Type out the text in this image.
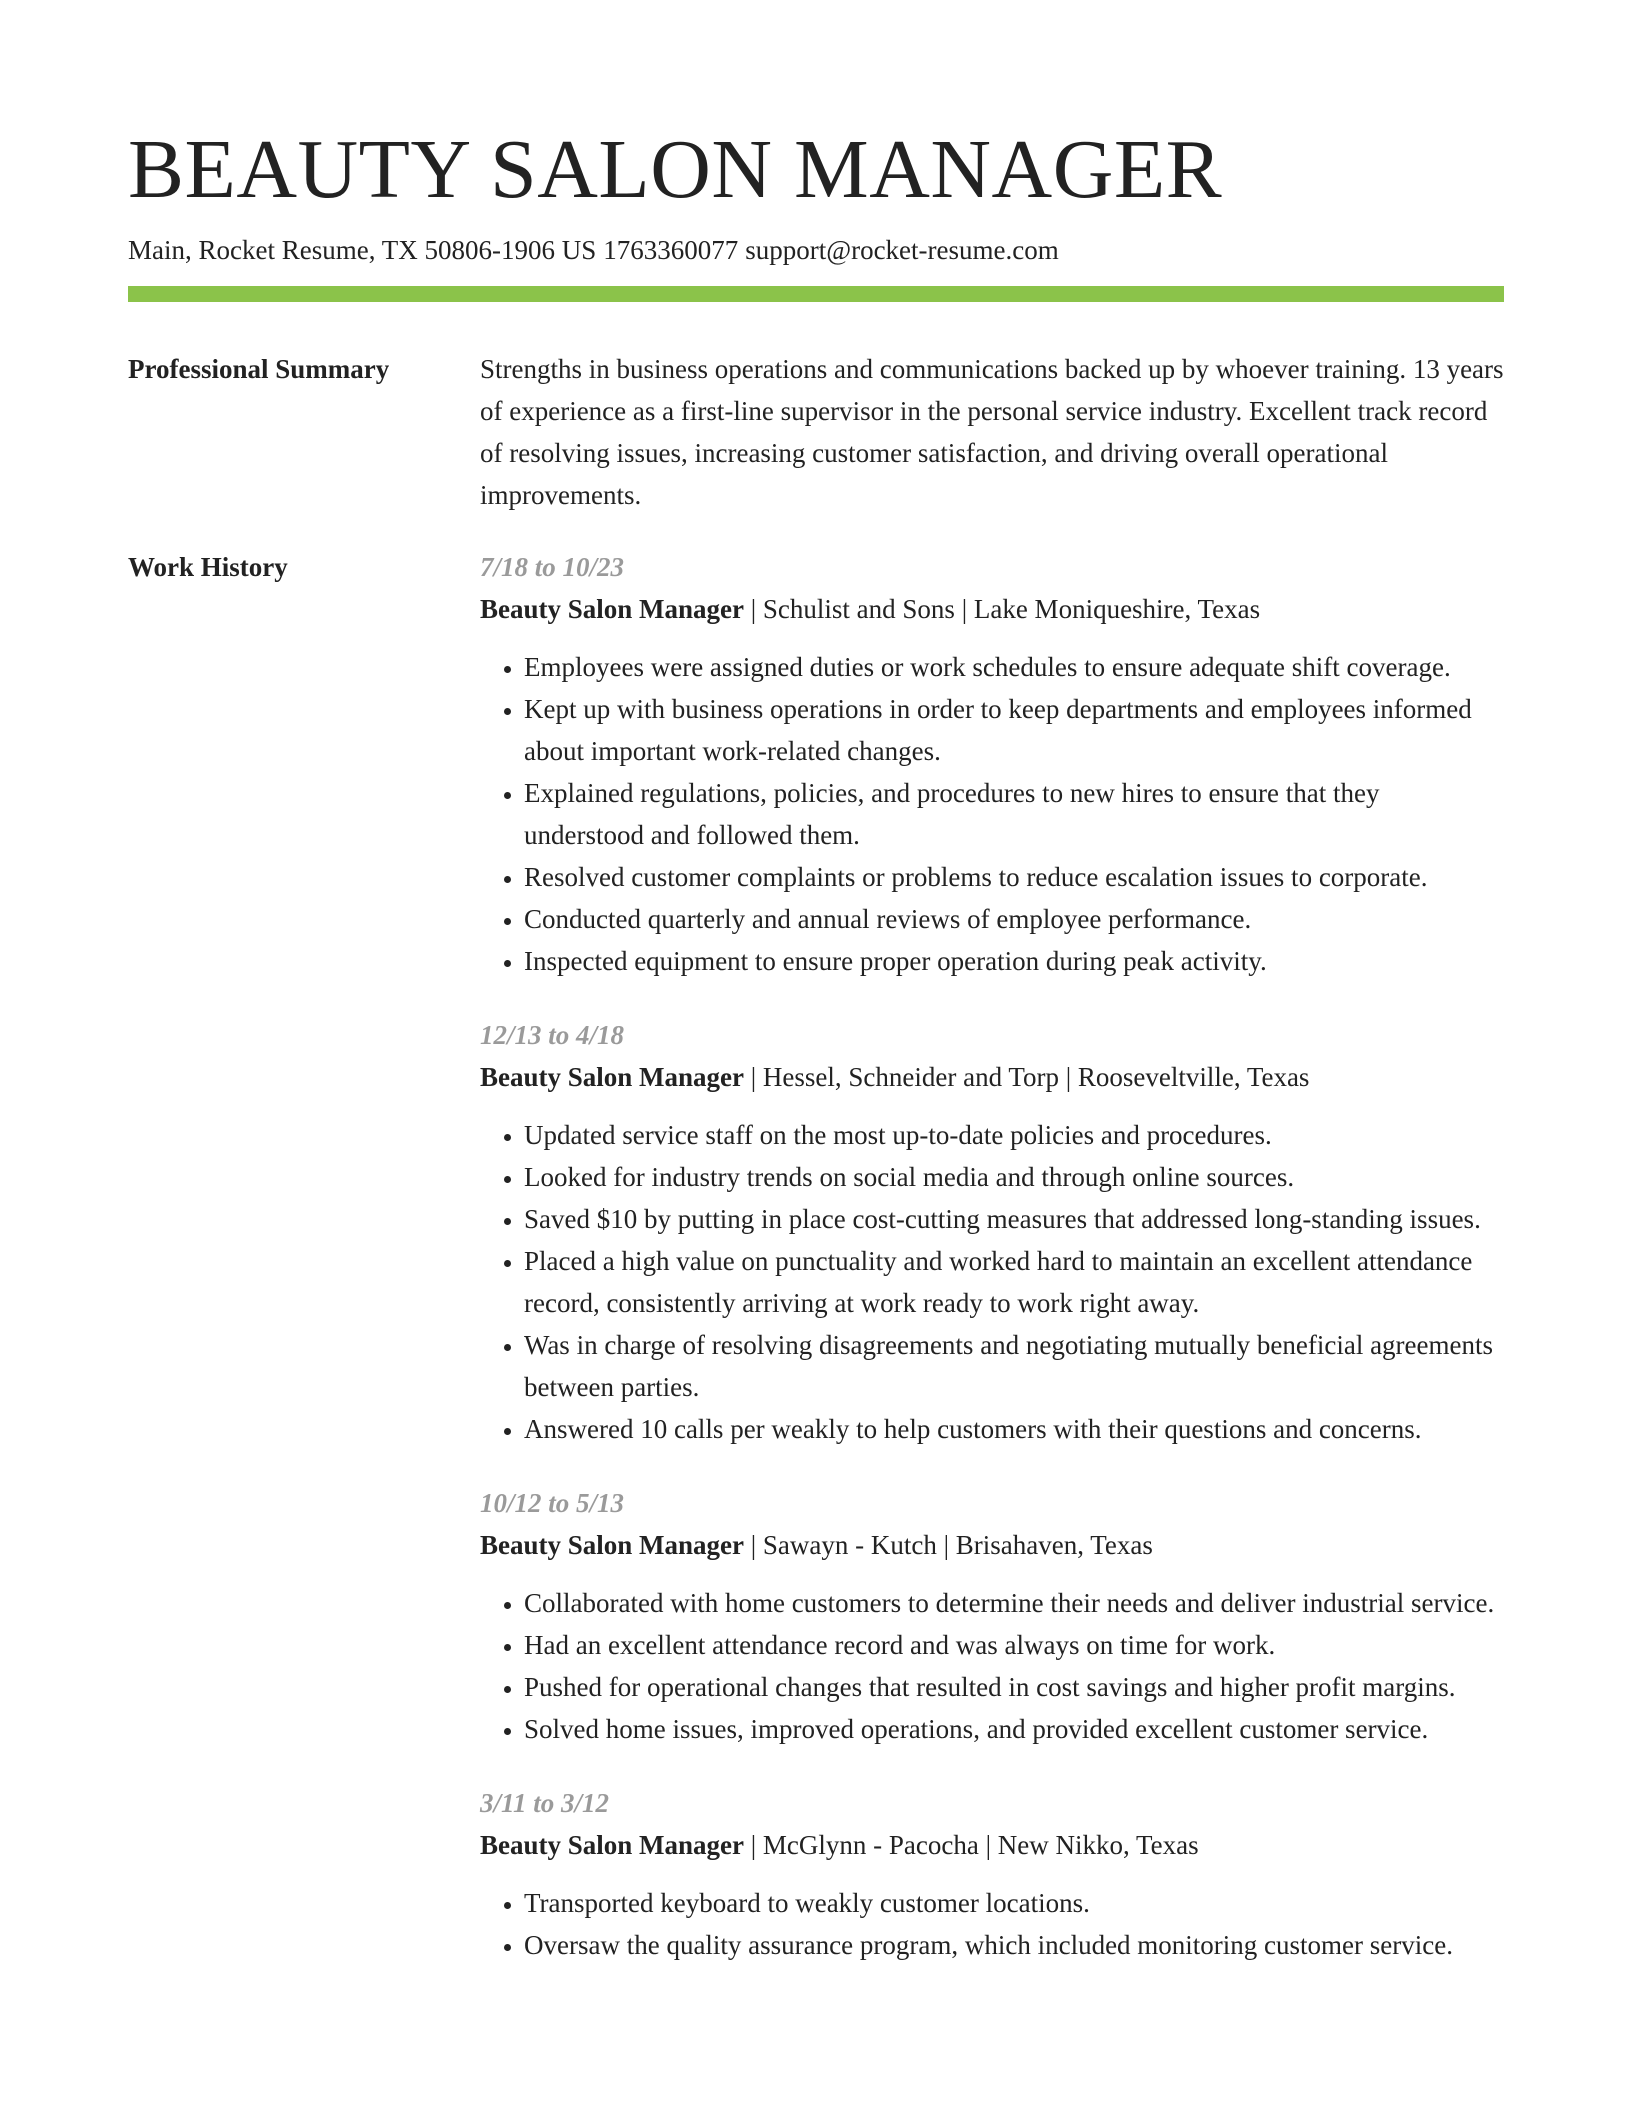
BEAUTY SALON MANAGER
Main, Rocket Resume, TX 50806-1906 US 1763360077 support@rocket-resume.com
Professional Summary	Strengths in business operations and communications backed up by whoever training. 13 years of experience as a first-line supervisor in the personal service industry. Excellent track record of resolving issues, increasing customer satisfaction, and driving overall operational improvements.

Work History	7/18 to 10/23
Beauty Salon Manager | Schulist and Sons | Lake Moniqueshire, Texas
• Employees were assigned duties or work schedules to ensure adequate shift coverage.
• Kept up with business operations in order to keep departments and employees informed about important work-related changes.
• Explained regulations, policies, and procedures to new hires to ensure that they understood and followed them.
• Resolved customer complaints or problems to reduce escalation issues to corporate.
• Conducted quarterly and annual reviews of employee performance.
• Inspected equipment to ensure proper operation during peak activity.
12/13 to 4/18
Beauty Salon Manager | Hessel, Schneider and Torp | Rooseveltville, Texas
• Updated service staff on the most up-to-date policies and procedures.
• Looked for industry trends on social media and through online sources.
• Saved $10 by putting in place cost-cutting measures that addressed long-standing issues.
• Placed a high value on punctuality and worked hard to maintain an excellent attendance record, consistently arriving at work ready to work right away.
• Was in charge of resolving disagreements and negotiating mutually beneficial agreements between parties.
• Answered 10 calls per weakly to help customers with their questions and concerns.
10/12 to 5/13
Beauty Salon Manager | Sawayn - Kutch | Brisahaven, Texas
• Collaborated with home customers to determine their needs and deliver industrial service.
• Had an excellent attendance record and was always on time for work.
• Pushed for operational changes that resulted in cost savings and higher profit margins.
• Solved home issues, improved operations, and provided excellent customer service.
3/11 to 3/12
Beauty Salon Manager | McGlynn - Pacocha | New Nikko, Texas
• Transported keyboard to weakly customer locations.
• Oversaw the quality assurance program, which included monitoring customer service.
